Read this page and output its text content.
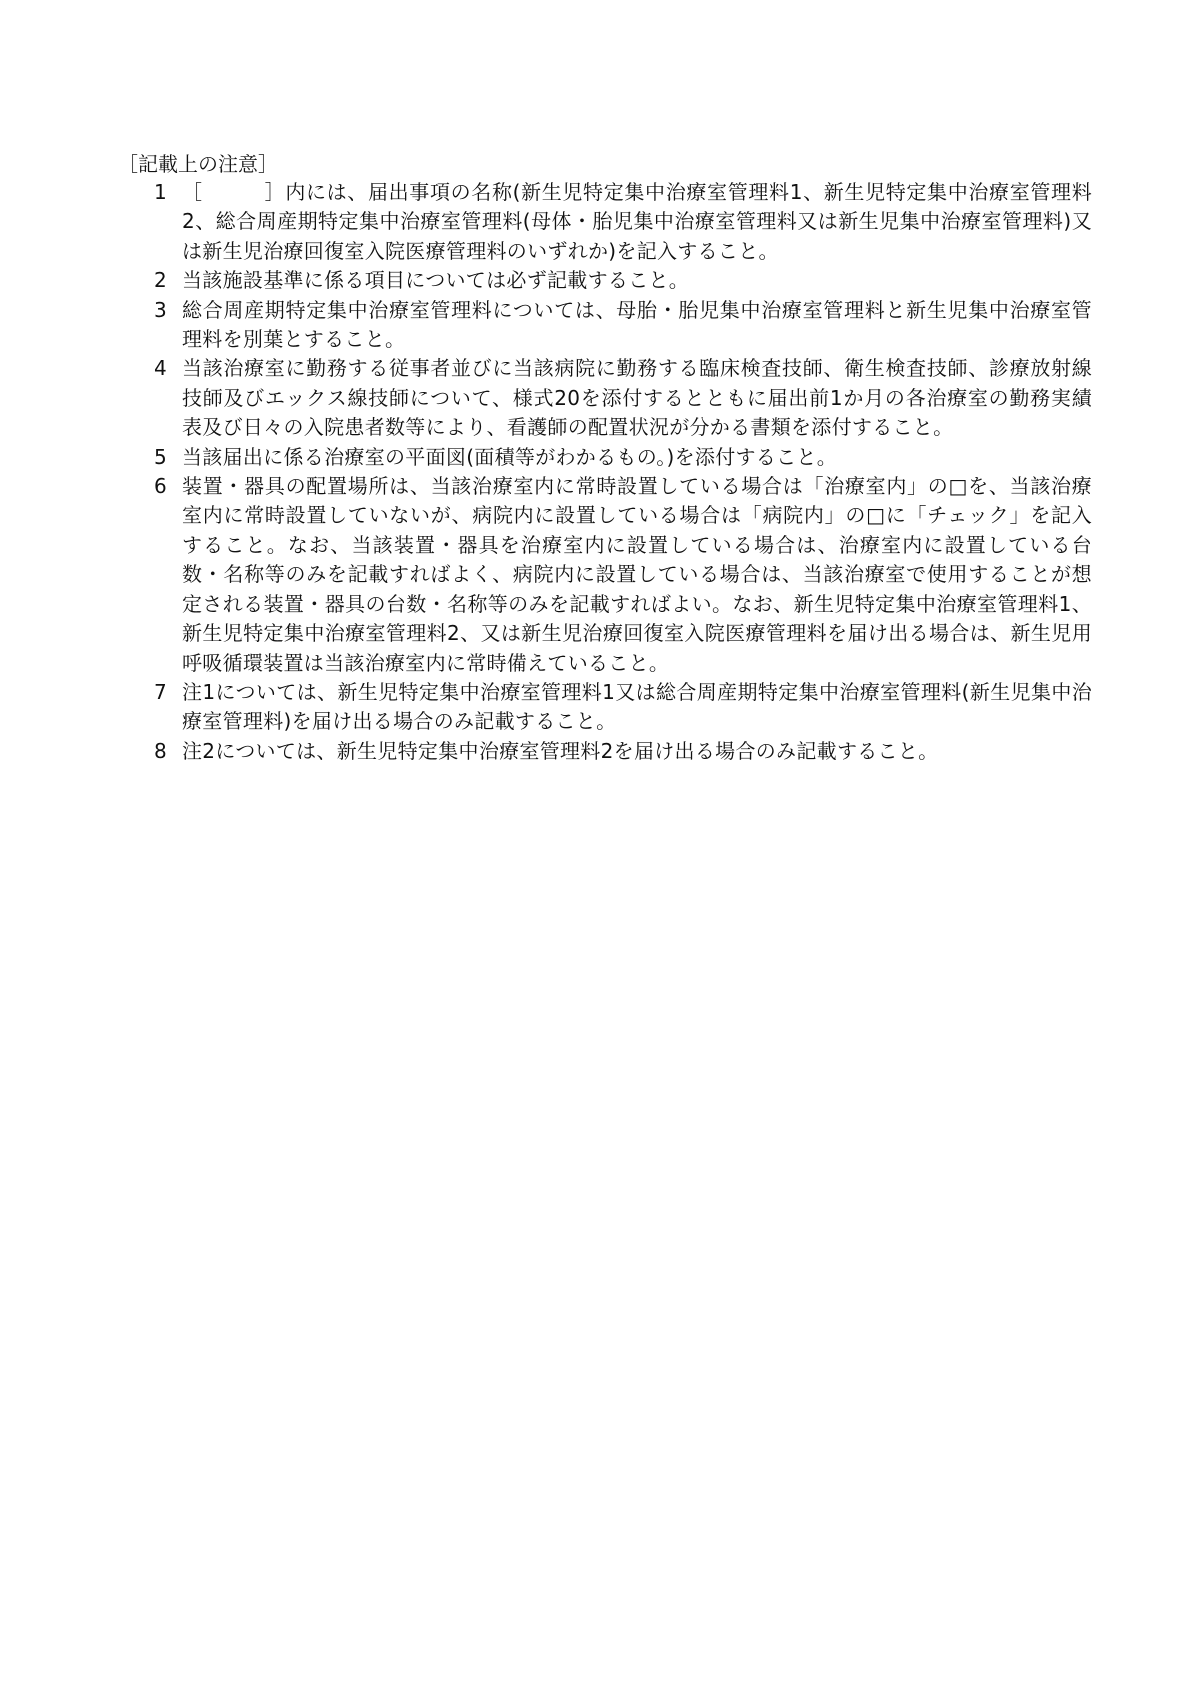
［記載上の注意］
1 ［　　　］内には、届出事項の名称(新生児特定集中治療室管理料1、新生児特定集中治療室管理料2、総合周産期特定集中治療室管理料(母体・胎児集中治療室管理料又は新生児集中治療室管理料)又は新生児治療回復室入院医療管理料のいずれか)を記入すること。
2 当該施設基準に係る項目については必ず記載すること。
3 総合周産期特定集中治療室管理料については、母胎・胎児集中治療室管理料と新生児集中治療室管理料を別葉とすること。
4 当該治療室に勤務する従事者並びに当該病院に勤務する臨床検査技師、衛生検査技師、診療放射線技師及びエックス線技師について、様式20を添付するとともに届出前1か月の各治療室の勤務実績表及び日々の入院患者数等により、看護師の配置状況が分かる書類を添付すること。
5 当該届出に係る治療室の平面図(面積等がわかるもの。)を添付すること。
6 装置・器具の配置場所は、当該治療室内に常時設置している場合は「治療室内」の□を、当該治療室内に常時設置していないが、病院内に設置している場合は「病院内」の□に「チェック」を記入すること。なお、当該装置・器具を治療室内に設置している場合は、治療室内に設置している台数・名称等のみを記載すればよく、病院内に設置している場合は、当該治療室で使用することが想定される装置・器具の台数・名称等のみを記載すればよい。なお、新生児特定集中治療室管理料1、新生児特定集中治療室管理料2、又は新生児治療回復室入院医療管理料を届け出る場合は、新生児用呼吸循環装置は当該治療室内に常時備えていること。
7 注1については、新生児特定集中治療室管理料1又は総合周産期特定集中治療室管理料(新生児集中治療室管理料)を届け出る場合のみ記載すること。
8 注2については、新生児特定集中治療室管理料2を届け出る場合のみ記載すること。
